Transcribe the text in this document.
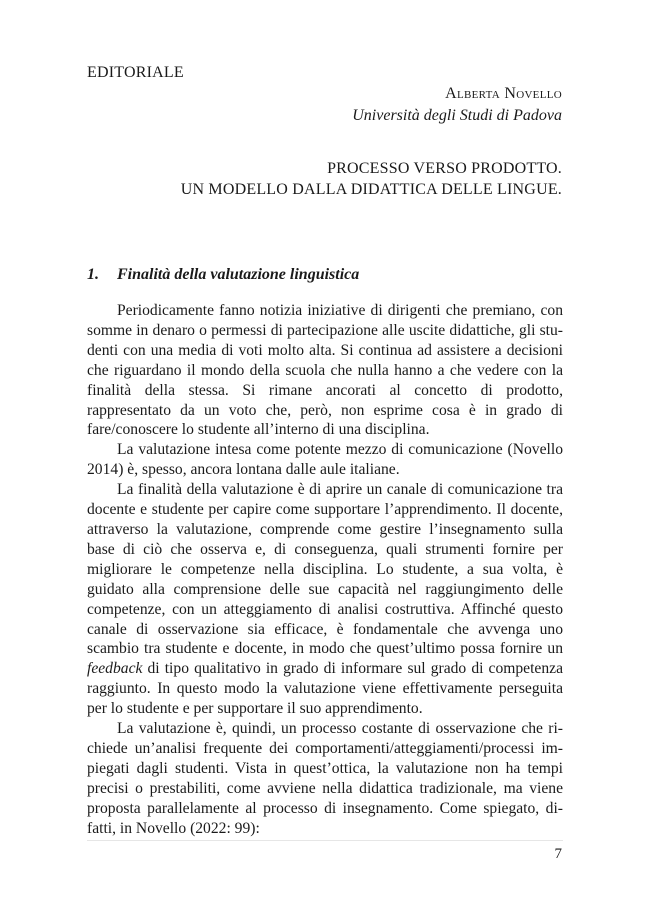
EDITORIALE
Alberta Novello
Università degli Studi di Padova
PROCESSO VERSO PRODOTTO.
UN MODELLO DALLA DIDATTICA DELLE LINGUE.
1. Finalità della valutazione linguistica

Periodicamente fanno notizia iniziative di dirigenti che premiano, con somme in denaro o permessi di partecipazione alle uscite didattiche, gli studenti con una media di voti molto alta. Si continua ad assistere a decisioni che riguardano il mondo della scuola che nulla hanno a che vedere con la finalità della stessa. Si rimane ancorati al concetto di prodotto, rappresentato da un voto che, però, non esprime cosa è in grado di fare/conoscere lo studente all’interno di una disciplina.

La valutazione intesa come potente mezzo di comunicazione (Novello 2014) è, spesso, ancora lontana dalle aule italiane.

La finalità della valutazione è di aprire un canale di comunicazione tra docente e studente per capire come supportare l’apprendimento. Il docente, attraverso la valutazione, comprende come gestire l’insegnamento sulla base di ciò che osserva e, di conseguenza, quali strumenti fornire per migliorare le competenze nella disciplina. Lo studente, a sua volta, è guidato alla comprensione delle sue capacità nel raggiungimento delle competenze, con un atteggiamento di analisi costruttiva. Affinché questo canale di osservazione sia efficace, è fondamentale che avvenga uno scambio tra studente e docente, in modo che quest’ultimo possa fornire un feedback di tipo qualitativo in grado di informare sul grado di competenza raggiunto. In questo modo la valutazione viene effettivamente perseguita per lo studente e per supportare il suo apprendimento.

La valutazione è, quindi, un processo costante di osservazione che richiede un’analisi frequente dei comportamenti/atteggiamenti/processi impiegati dagli studenti. Vista in quest’ottica, la valutazione non ha tempi precisi o prestabiliti, come avviene nella didattica tradizionale, ma viene proposta parallelamente al processo di insegnamento. Come spiegato, difatti, in Novello (2022: 99):

7
